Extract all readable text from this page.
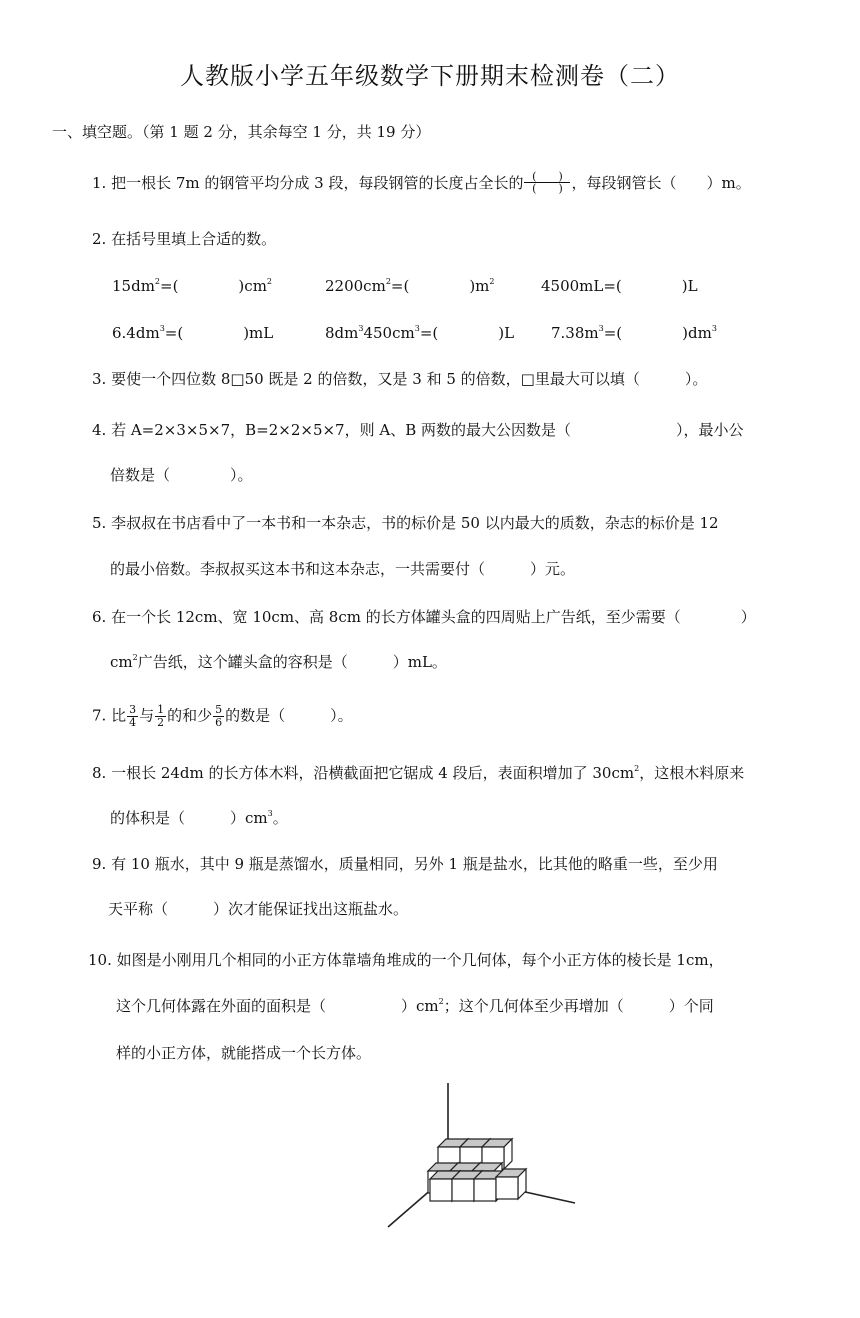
人教版小学五年级数学下册期末检测卷（二）
一、填空题。（第 1 题 2 分，其余每空 1 分，共 19 分）
1. 把一根长 7m 的钢管平均分成 3 段，每段钢管的长度占全长的 (　　)
(　　) ，每段钢管长（　　）m。
2. 在括号里填上合适的数。
$15dm^2=$(　　　　)$cm^2$	$2200cm^2=$(　　　　)$m^2$	4500mL=(　　　　)L
$6.4dm^3=$(　　　　)mL	$8dm^3450cm^3=$(　　　　)L $7.38m^3=$(　　　　)$dm^3$
3. 要使一个四位数 8□50 既是 2 的倍数，又是 3 和 5 的倍数，□里最大可以填（　　　）。
4. 若 A=2×3×5×7，B=2×2×5×7，则 A、B 两数的最大公因数是（　　　　　　　），最小公
倍数是（　　　　）。
5. 李叔叔在书店看中了一本书和一本杂志，书的标价是 50 以内最大的质数，杂志的标价是 12
的最小倍数。李叔叔买这本书和这本杂志，一共需要付（　　　）元。
6. 在一个长 12cm、宽 10cm、高 8cm 的长方体罐头盒的四周贴上广告纸，至少需要（　　　　）
$cm^2$广告纸，这个罐头盒的容积是（　　　）mL。
7. 比 $\frac{3}{4}$ 与 $\frac{1}{2}$ 的和少 $\frac{5}{6}$ 的数是（　　　）。
8. 一根长 24dm 的长方体木料，沿横截面把它锯成 4 段后，表面积增加了 $30cm^2$，这根木料原来
的体积是（　　　）$cm^3$。
9. 有 10 瓶水，其中 9 瓶是蒸馏水，质量相同，另外 1 瓶是盐水，比其他的略重一些，至少用
天平称（　　　）次才能保证找出这瓶盐水。
10. 如图是小刚用几个相同的小正方体靠墙角堆成的一个几何体，每个小正方体的棱长是 1cm，
这个几何体露在外面的面积是（　　　　　）$cm^2$；这个几何体至少再增加（　　　）个同
样的小正方体，就能搭成一个长方体。
